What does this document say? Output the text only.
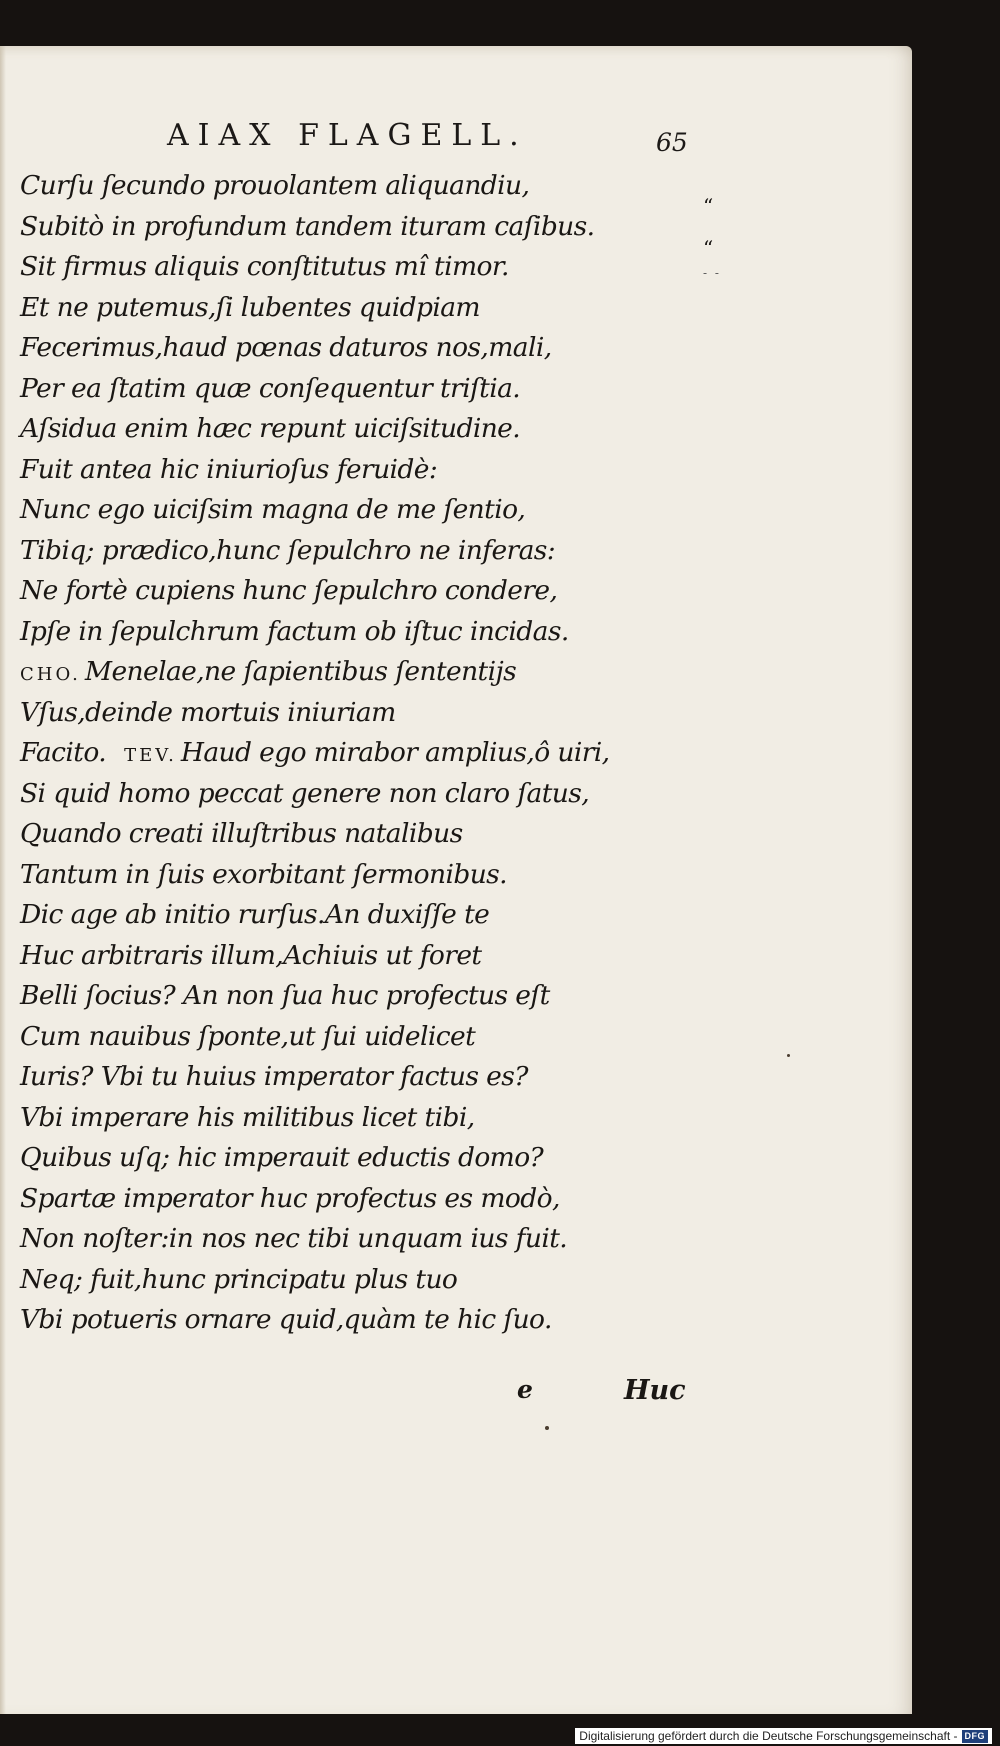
AIAX FLAGELL.	65
“
“
- -
Curſu ſecundo prouolantem aliquandiu,
Subitò in profundum tandem ituram caſibus.
Sit firmus aliquis conſtitutus mî timor.
Et ne putemus,ſi lubentes quidpiam
Fecerimus,haud pœnas daturos nos,mali,
Per ea ſtatim quæ conſequentur triſtia.
Aſsidua enim hæc repunt uiciſsitudine.
Fuit antea hic iniurioſus feruidè:
Nunc ego uiciſsim magna de me ſentio,
Tibiq; prædico,hunc ſepulchro ne inferas:
Ne fortè cupiens hunc ſepulchro condere,
Ipſe in ſepulchrum factum ob iſtuc incidas.
CHO. Menelae,ne ſapientibus ſententijs
Vſus,deinde mortuis iniuriam
Facito. TEV. Haud ego mirabor amplius,ô uiri,
Si quid homo peccat genere non claro ſatus,
Quando creati illuſtribus natalibus
Tantum in ſuis exorbitant ſermonibus.
Dic age ab initio rurſus.An duxiſſe te
Huc arbitraris illum,Achiuis ut foret
Belli ſocius? An non ſua huc profectus eſt
Cum nauibus ſponte,ut ſui uidelicet
Iuris? Vbi tu huius imperator factus es?
Vbi imperare his militibus licet tibi,
Quibus uſq; hic imperauit eductis domo?
Spartæ imperator huc profectus es modò,
Non noſter:in nos nec tibi unquam ius fuit.
Neq; fuit,hunc principatu plus tuo
Vbi potueris ornare quid,quàm te hic ſuo.
e	Huc
Digitalisierung gefördert durch die Deutsche Forschungsgemeinschaft - DFG
